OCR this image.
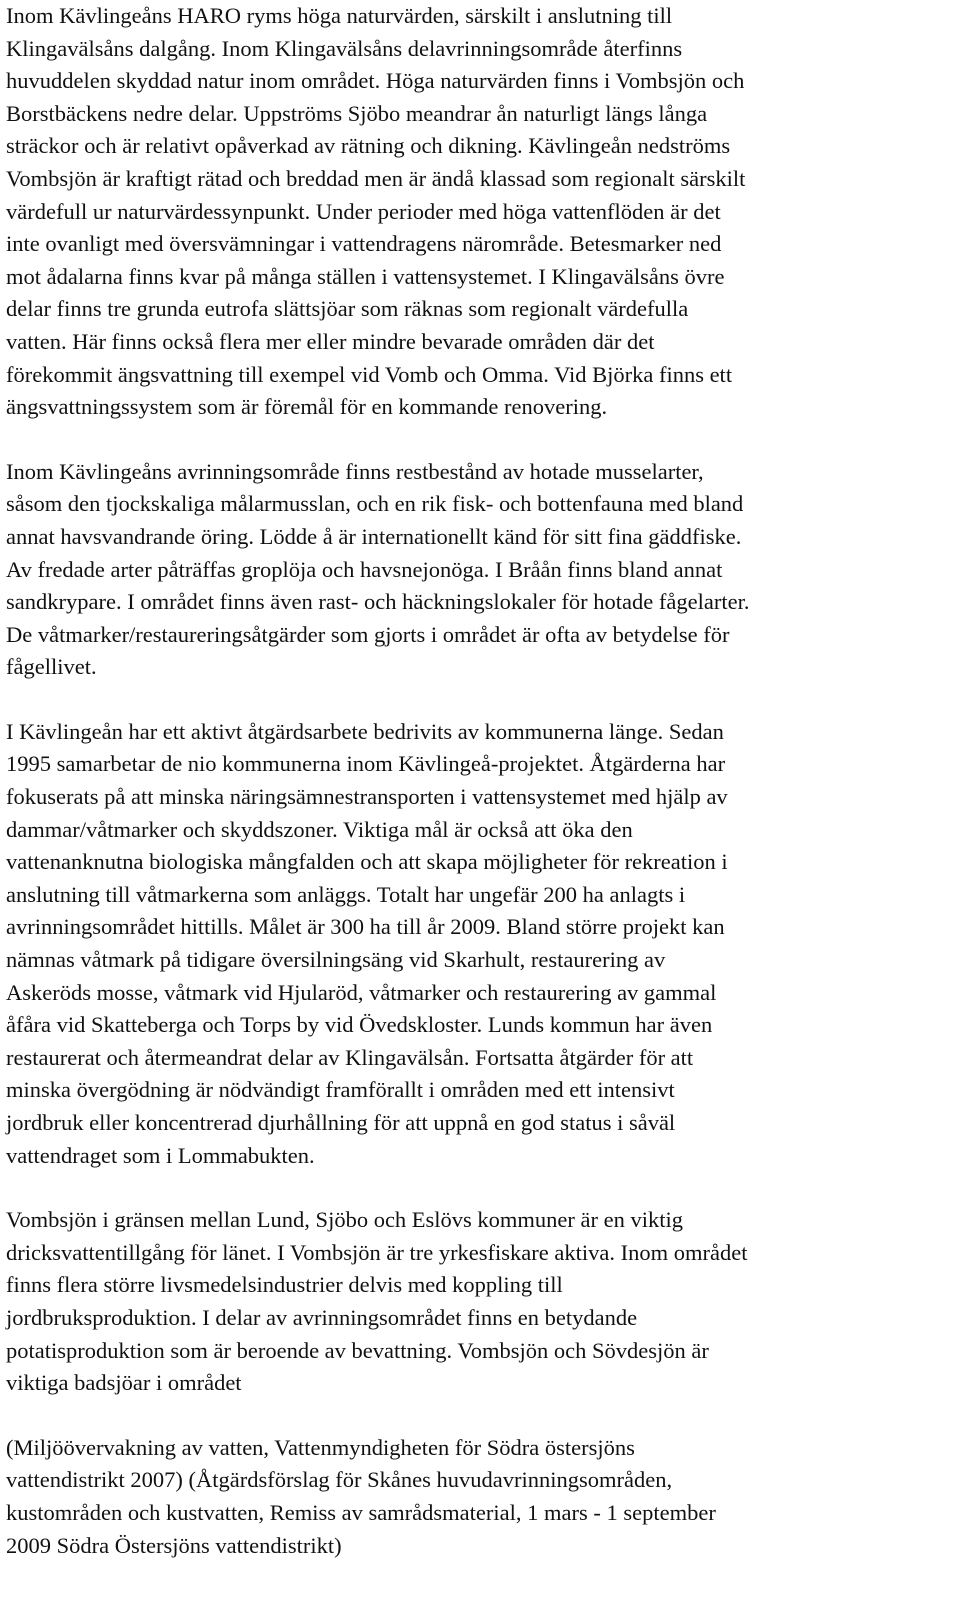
Inom Kävlingeåns HARO ryms höga naturvärden, särskilt i anslutning till
Klingavälsåns dalgång. Inom Klingavälsåns delavrinningsområde återfinns
huvuddelen skyddad natur inom området. Höga naturvärden finns i Vombsjön och
Borstbäckens nedre delar. Uppströms Sjöbo meandrar ån naturligt längs långa
sträckor och är relativt opåverkad av rätning och dikning. Kävlingeån nedströms
Vombsjön är kraftigt rätad och breddad men är ändå klassad som regionalt särskilt
värdefull ur naturvärdessynpunkt. Under perioder med höga vattenflöden är det
inte ovanligt med översvämningar i vattendragens närområde. Betesmarker ned
mot ådalarna finns kvar på många ställen i vattensystemet. I Klingavälsåns övre
delar finns tre grunda eutrofa slättsjöar som räknas som regionalt värdefulla
vatten. Här finns också flera mer eller mindre bevarade områden där det
förekommit ängsvattning till exempel vid Vomb och Omma. Vid Björka finns ett
ängsvattningssystem som är föremål för en kommande renovering.

Inom Kävlingeåns avrinningsområde finns restbestånd av hotade musselarter,
såsom den tjockskaliga målarmusslan, och en rik fisk- och bottenfauna med bland
annat havsvandrande öring. Lödde å är internationellt känd för sitt fina gäddfiske.
Av fredade arter påträffas groplöja och havsnejonöga. I Bråån finns bland annat
sandkrypare. I området finns även rast- och häckningslokaler för hotade fågelarter.
De våtmarker/restaureringsåtgärder som gjorts i området är ofta av betydelse för
fågellivet.

I Kävlingeån har ett aktivt åtgärdsarbete bedrivits av kommunerna länge. Sedan
1995 samarbetar de nio kommunerna inom Kävlingeå-projektet. Åtgärderna har
fokuserats på att minska näringsämnestransporten i vattensystemet med hjälp av
dammar/våtmarker och skyddszoner. Viktiga mål är också att öka den
vattenanknutna biologiska mångfalden och att skapa möjligheter för rekreation i
anslutning till våtmarkerna som anläggs. Totalt har ungefär 200 ha anlagts i
avrinningsområdet hittills. Målet är 300 ha till år 2009. Bland större projekt kan
nämnas våtmark på tidigare översilningsäng vid Skarhult, restaurering av
Askeröds mosse, våtmark vid Hjularöd, våtmarker och restaurering av gammal
åfåra vid Skatteberga och Torps by vid Övedskloster. Lunds kommun har även
restaurerat och återmeandrat delar av Klingavälsån. Fortsatta åtgärder för att
minska övergödning är nödvändigt framförallt i områden med ett intensivt
jordbruk eller koncentrerad djurhållning för att uppnå en god status i såväl
vattendraget som i Lommabukten.

Vombsjön i gränsen mellan Lund, Sjöbo och Eslövs kommuner är en viktig
dricksvattentillgång för länet. I Vombsjön är tre yrkesfiskare aktiva. Inom området
finns flera större livsmedelsindustrier delvis med koppling till
jordbruksproduktion. I delar av avrinningsområdet finns en betydande
potatisproduktion som är beroende av bevattning. Vombsjön och Sövdesjön är
viktiga badsjöar i området

(Miljöövervakning av vatten, Vattenmyndigheten för Södra östersjöns
vattendistrikt 2007) (Åtgärdsförslag för Skånes huvudavrinningsområden,
kustområden och kustvatten, Remiss av samrådsmaterial, 1 mars - 1 september
2009 Södra Östersjöns vattendistrikt)
